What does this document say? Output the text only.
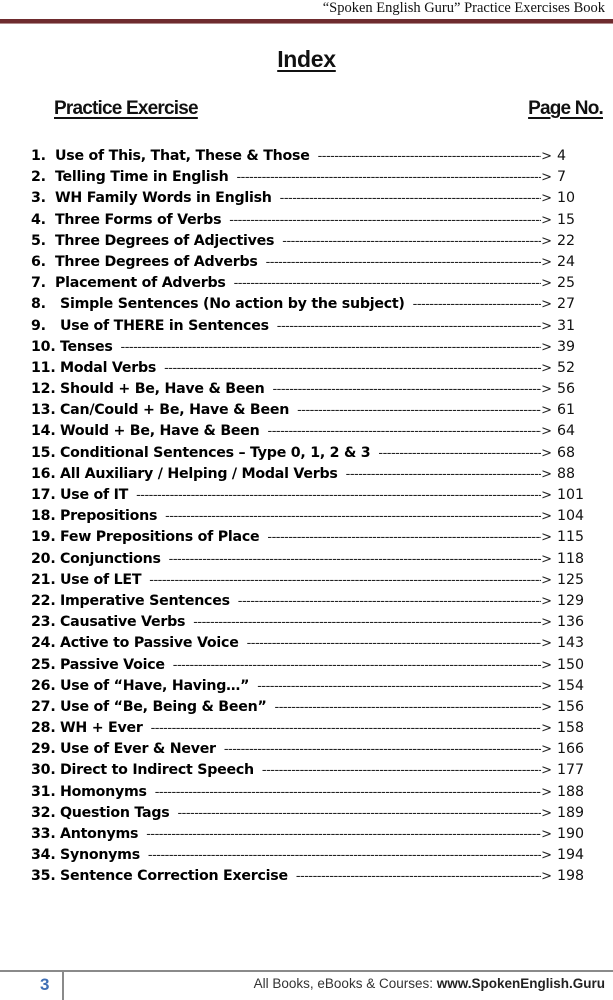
“Spoken English Guru” Practice Exercises Book
Index
Practice Exercise	Page No.
1. Use of This, That, These & Those -----	> 4
2. Telling Time in English -----	> 7
3. WH Family Words in English -----	> 10
4. Three Forms of Verbs -----	> 15
5. Three Degrees of Adjectives -----	> 22
6. Three Degrees of Adverbs -----	> 24
7. Placement of Adverbs -----	> 25
8. Simple Sentences (No action by the subject) -----	> 27
9. Use of THERE in Sentences -----	> 31
10. Tenses -----	> 39
11. Modal Verbs -----	> 52
12. Should + Be, Have & Been -----	> 56
13. Can/Could + Be, Have & Been -----	> 61
14. Would + Be, Have & Been -----	> 64
15. Conditional Sentences – Type 0, 1, 2 & 3 -----	> 68
16. All Auxiliary / Helping / Modal Verbs -----	> 88
17. Use of IT -----	> 101
18. Prepositions -----	> 104
19. Few Prepositions of Place -----	> 115
20. Conjunctions -----	> 118
21. Use of LET -----	> 125
22. Imperative Sentences -----	> 129
23. Causative Verbs -----	> 136
24. Active to Passive Voice -----	> 143
25. Passive Voice -----	> 150
26. Use of “Have, Having…” -----	> 154
27. Use of “Be, Being & Been” -----	> 156
28. WH + Ever -----	> 158
29. Use of Ever & Never -----	> 166
30. Direct to Indirect Speech -----	> 177
31. Homonyms -----	> 188
32. Question Tags -----	> 189
33. Antonyms -----	> 190
34. Synonyms -----	> 194
35. Sentence Correction Exercise -----	> 198
3	All Books, eBooks & Courses: www.SpokenEnglish.Guru
